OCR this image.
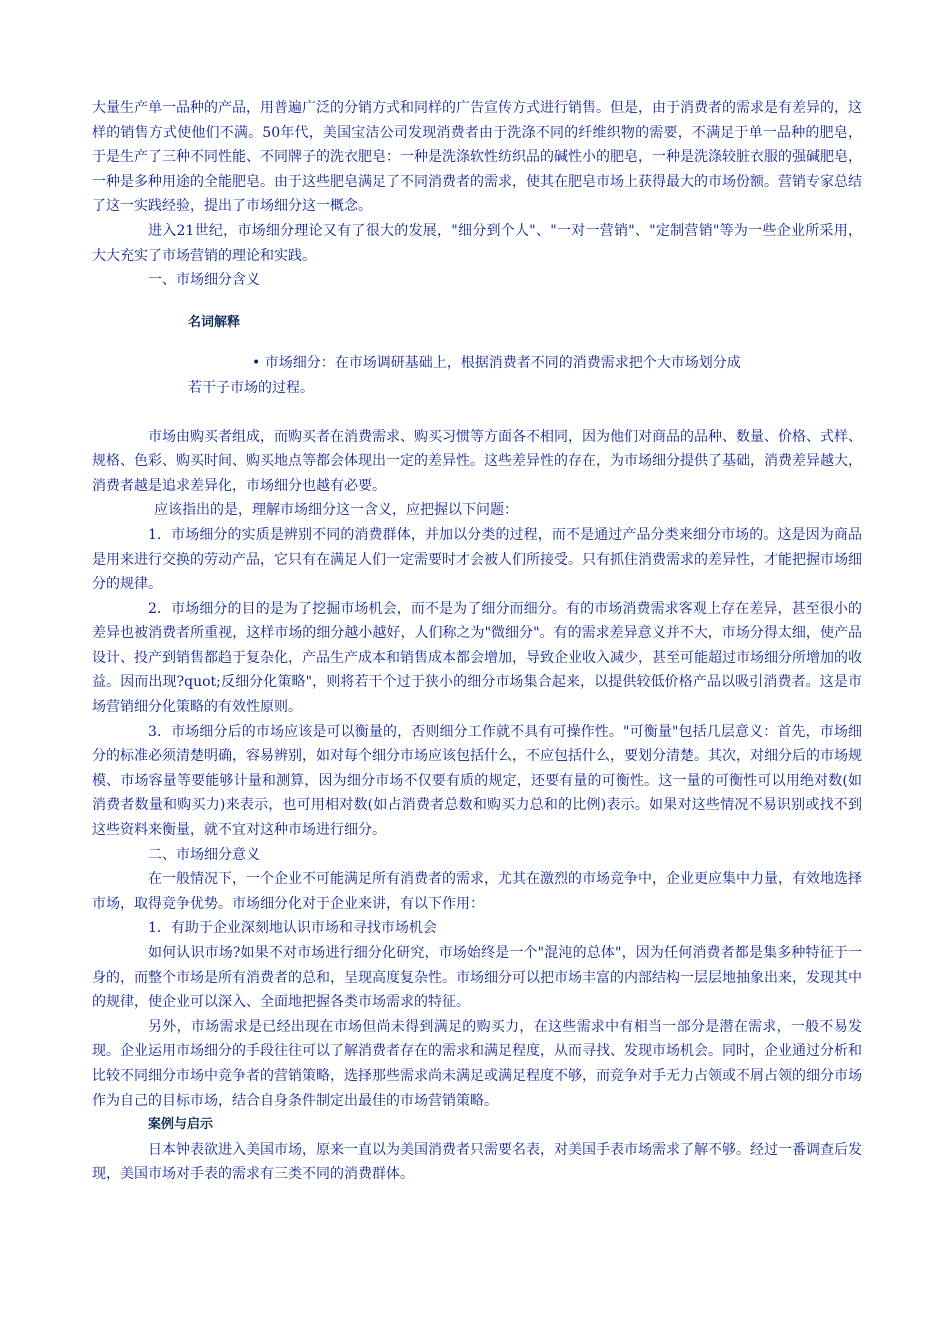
大量生产单一品种的产品，用普遍广泛的分销方式和同样的广告宣传方式进行销售。但是，由于消费者的需求是有差异的，这样的销售方式使他们不满。50年代，美国宝洁公司发现消费者由于洗涤不同的纤维织物的需要，不满足于单一品种的肥皂，于是生产了三种不同性能、不同牌子的洗衣肥皂：一种是洗涤软性纺织品的碱性小的肥皂，一种是洗涤较脏衣服的强碱肥皂，一种是多种用途的全能肥皂。由于这些肥皂满足了不同消费者的需求，使其在肥皂市场上获得最大的市场份额。营销专家总结了这一实践经验，提出了市场细分这一概念。

进入21世纪，市场细分理论又有了很大的发展，"细分到个人"、"一对一营销"、"定制营销"等为一些企业所采用，大大充实了市场营销的理论和实践。

一、市场细分含义

名词解释

• 市场细分：在市场调研基础上，根据消费者不同的消费需求把个大市场划分成

若干子市场的过程。

市场由购买者组成，而购买者在消费需求、购买习惯等方面各不相同，因为他们对商品的品种、数量、价格、式样、规格、色彩、购买时间、购买地点等都会体现出一定的差异性。这些差异性的存在，为市场细分提供了基础，消费差异越大，消费者越是追求差异化，市场细分也越有必要。

应该指出的是，理解市场细分这一含义，应把握以下问题：

1．市场细分的实质是辨别不同的消费群体，并加以分类的过程，而不是通过产品分类来细分市场的。这是因为商品是用来进行交换的劳动产品，它只有在满足人们一定需要时才会被人们所接受。只有抓住消费需求的差异性，才能把握市场细分的规律。

2．市场细分的目的是为了挖掘市场机会，而不是为了细分而细分。有的市场消费需求客观上存在差异，甚至很小的差异也被消费者所重视，这样市场的细分越小越好，人们称之为"微细分"。有的需求差异意义并不大，市场分得太细，使产品设计、投产到销售都趋于复杂化，产品生产成本和销售成本都会增加，导致企业收入减少，甚至可能超过市场细分所增加的收益。因而出现?quot;反细分化策略"，则将若干个过于狭小的细分市场集合起来，以提供较低价格产品以吸引消费者。这是市场营销细分化策略的有效性原则。

3．市场细分后的市场应该是可以衡量的，否则细分工作就不具有可操作性。"可衡量"包括几层意义：首先，市场细分的标准必须清楚明确，容易辨别，如对每个细分市场应该包括什么，不应包括什么，要划分清楚。其次，对细分后的市场规模、市场容量等要能够计量和测算，因为细分市场不仅要有质的规定，还要有量的可衡性。这一量的可衡性可以用绝对数(如消费者数量和购买力)来表示，也可用相对数(如占消费者总数和购买力总和的比例)表示。如果对这些情况不易识别或找不到这些资料来衡量，就不宜对这种市场进行细分。

二、市场细分意义

在一般情况下，一个企业不可能满足所有消费者的需求，尤其在激烈的市场竞争中，企业更应集中力量，有效地选择市场，取得竞争优势。市场细分化对于企业来讲，有以下作用：

1．有助于企业深刻地认识市场和寻找市场机会

如何认识市场?如果不对市场进行细分化研究，市场始终是一个"混沌的总体"，因为任何消费者都是集多种特征于一身的，而整个市场是所有消费者的总和，呈现高度复杂性。市场细分可以把市场丰富的内部结构一层层地抽象出来，发现其中的规律，使企业可以深入、全面地把握各类市场需求的特征。

另外，市场需求是已经出现在市场但尚未得到满足的购买力，在这些需求中有相当一部分是潜在需求，一般不易发现。企业运用市场细分的手段往往可以了解消费者存在的需求和满足程度，从而寻找、发现市场机会。同时，企业通过分析和比较不同细分市场中竞争者的营销策略，选择那些需求尚未满足或满足程度不够，而竞争对手无力占领或不屑占领的细分市场作为自己的目标市场，结合自身条件制定出最佳的市场营销策略。

案例与启示

日本钟表欲进入美国市场，原来一直以为美国消费者只需要名表，对美国手表市场需求了解不够。经过一番调查后发现，美国市场对手表的需求有三类不同的消费群体。
